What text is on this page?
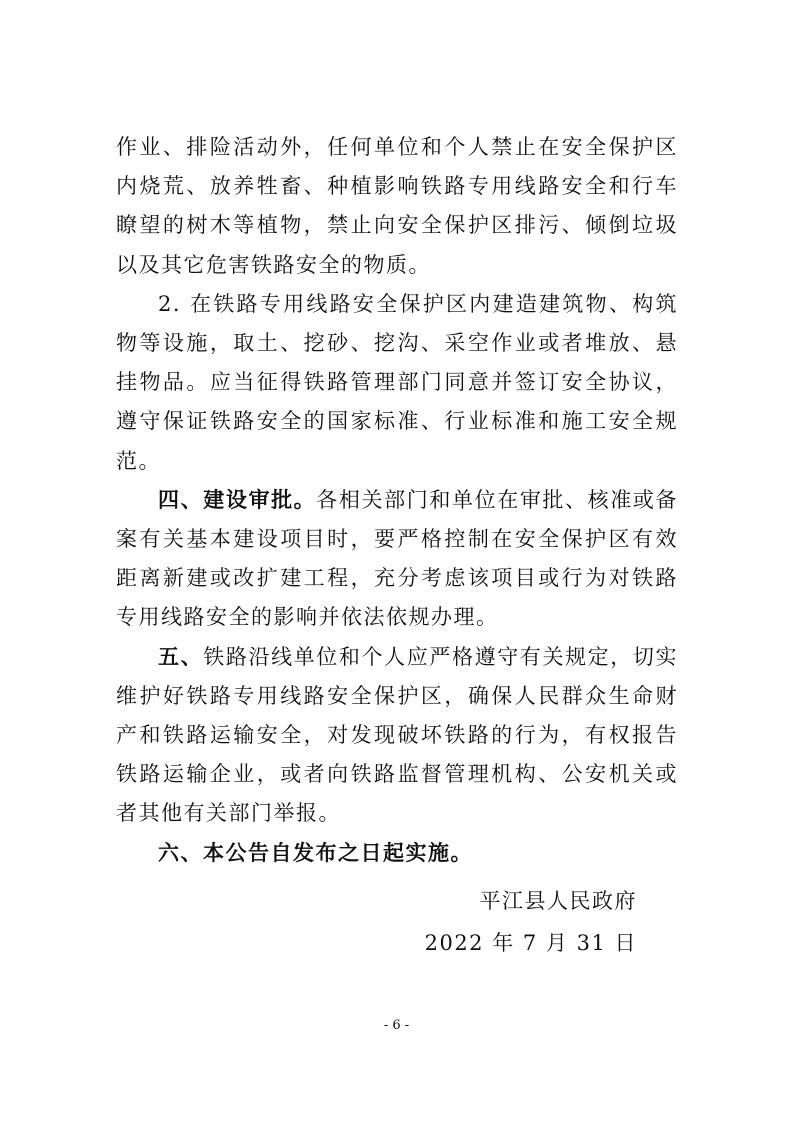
作业、排险活动外，任何单位和个人禁止在安全保护区内烧荒、放养牲畜、种植影响铁路专用线路安全和行车瞭望的树木等植物，禁止向安全保护区排污、倾倒垃圾以及其它危害铁路安全的物质。

2. 在铁路专用线路安全保护区内建造建筑物、构筑物等设施，取土、挖砂、挖沟、采空作业或者堆放、悬挂物品。应当征得铁路管理部门同意并签订安全协议，遵守保证铁路安全的国家标准、行业标准和施工安全规范。

四、建设审批。各相关部门和单位在审批、核准或备案有关基本建设项目时，要严格控制在安全保护区有效距离新建或改扩建工程，充分考虑该项目或行为对铁路专用线路安全的影响并依法依规办理。

五、铁路沿线单位和个人应严格遵守有关规定，切实维护好铁路专用线路安全保护区，确保人民群众生命财产和铁路运输安全，对发现破坏铁路的行为，有权报告铁路运输企业，或者向铁路监督管理机构、公安机关或者其他有关部门举报。

六、本公告自发布之日起实施。

平江县人民政府
2022 年 7 月 31 日
- 6 -
